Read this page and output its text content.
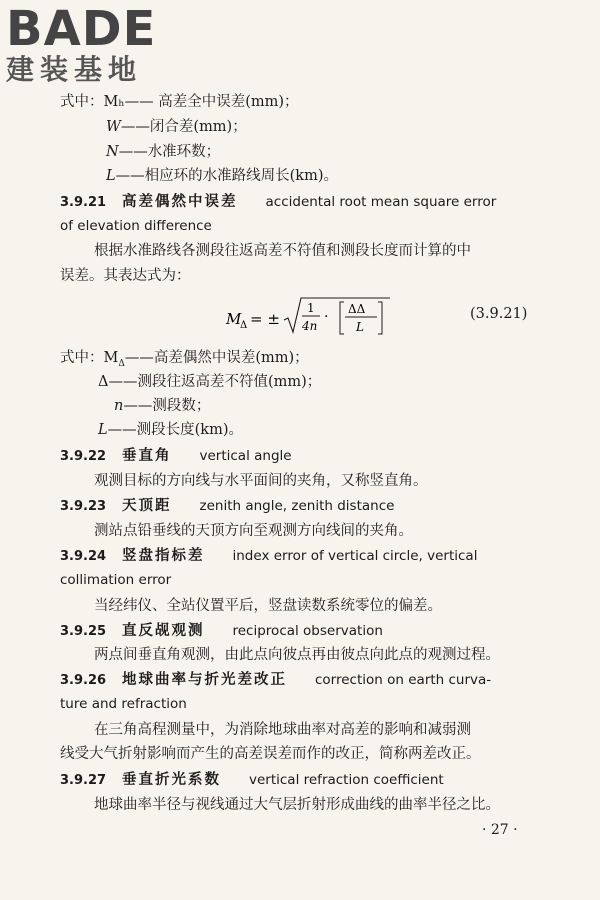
BADE
建装基地
式中：Mₕ—— 高差全中误差(mm)；
W——闭合差(mm)；
N——水准环数；
L——相应环的水准路线周长(km)。
3.9.21 高差偶然中误差 accidental root mean square error
of elevation difference
根据水准路线各测段往返高差不符值和测段长度而计算的中
误差。其表达式为：
M
Δ = ±
1
4n
· ΔΔ
L
(3.9.21)
式中：$M_\Delta——$高差偶然中误差(mm)；
Δ——测段往返高差不符值(mm)；
n——测段数；
L——测段长度(km)。
3.9.22 垂直角 vertical angle
观测目标的方向线与水平面间的夹角，又称竖直角。
3.9.23 天顶距 zenith angle, zenith distance
测站点铅垂线的天顶方向至观测方向线间的夹角。
3.9.24 竖盘指标差 index error of vertical circle, vertical
collimation error
当经纬仪、全站仪置平后，竖盘读数系统零位的偏差。
3.9.25 直反觇观测 reciprocal observation
两点间垂直角观测，由此点向彼点再由彼点向此点的观测过程。
3.9.26 地球曲率与折光差改正 correction on earth curva-
ture and refraction
在三角高程测量中，为消除地球曲率对高差的影响和减弱测
线受大气折射影响而产生的高差误差而作的改正，简称两差改正。
3.9.27 垂直折光系数 vertical refraction coefficient
地球曲率半径与视线通过大气层折射形成曲线的曲率半径之比。
· 27 ·
